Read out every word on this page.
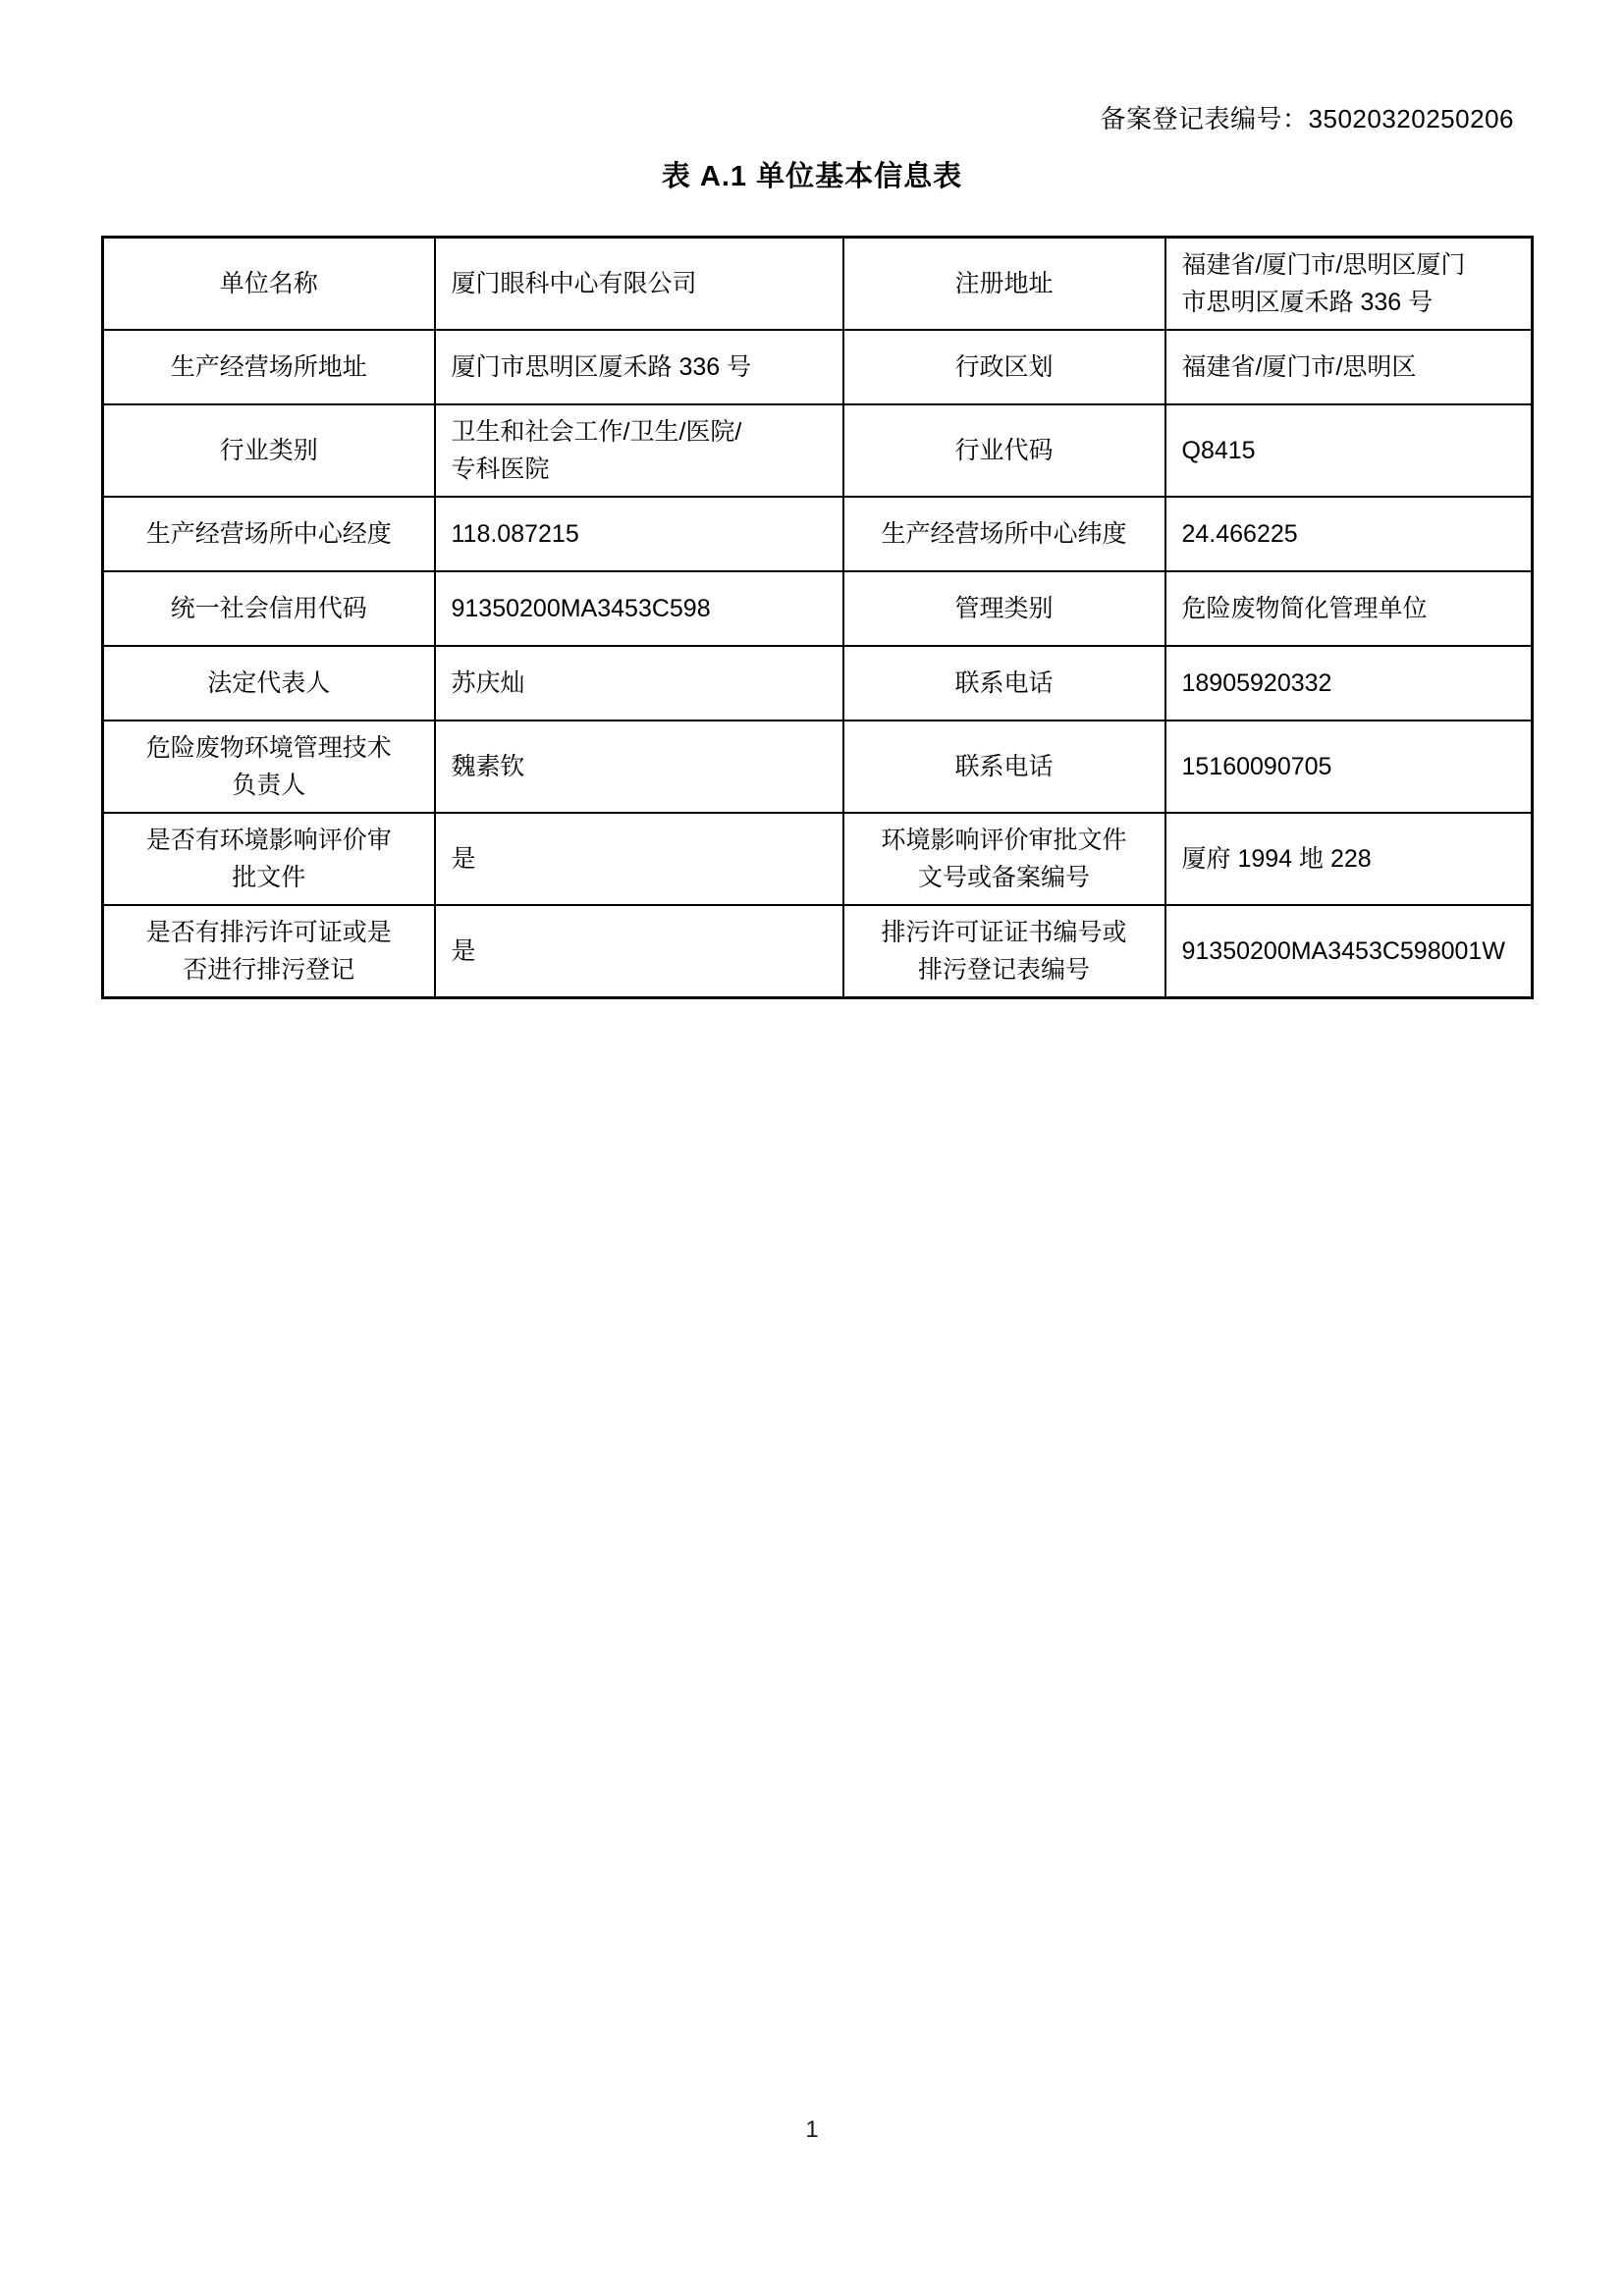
备案登记表编号：35020320250206
表 A.1 单位基本信息表
单位名称	厦门眼科中心有限公司	注册地址	福建省/厦门市/思明区厦门市思明区厦禾路 336 号
生产经营场所地址	厦门市思明区厦禾路 336 号	行政区划	福建省/厦门市/思明区
行业类别	卫生和社会工作/卫生/医院/专科医院	行业代码	Q8415
生产经营场所中心经度	118.087215	生产经营场所中心纬度	24.466225
统一社会信用代码	91350200MA3453C598	管理类别	危险废物简化管理单位
法定代表人	苏庆灿	联系电话	18905920332
危险废物环境管理技术负责人	魏素钦	联系电话	15160090705
是否有环境影响评价审批文件	是	环境影响评价审批文件文号或备案编号	厦府 1994 地 228
是否有排污许可证或是否进行排污登记	是	排污许可证证书编号或排污登记表编号	91350200MA3453C598001W
1
